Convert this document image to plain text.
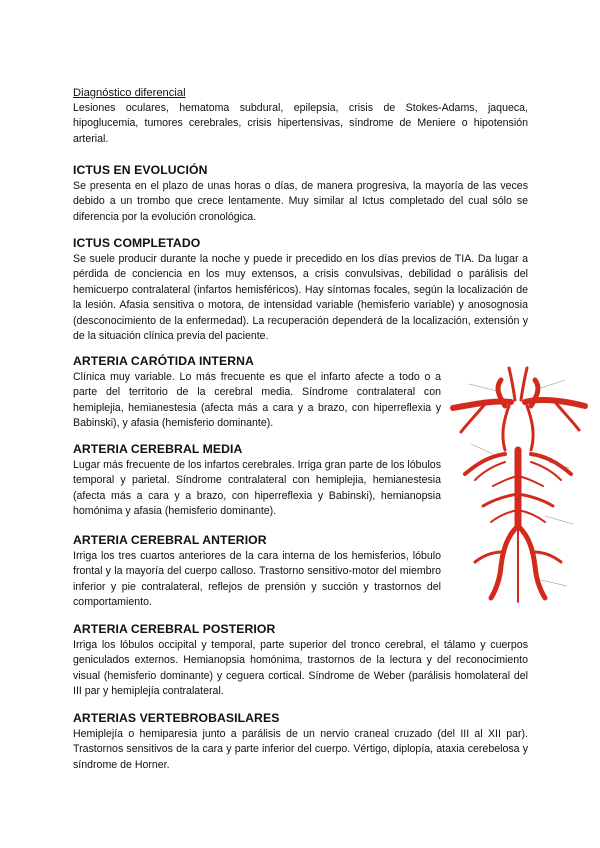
Diagnóstico diferencial

Lesiones oculares, hematoma subdural, epilepsia, crisis de Stokes-Adams, jaqueca, hipoglucemia, tumores cerebrales, crisis hipertensivas, síndrome de Meniere o hipotensión arterial.

ICTUS EN EVOLUCIÓN

Se presenta en el plazo de unas horas o días, de manera progresiva, la mayoría de las veces debido a un trombo que crece lentamente. Muy similar al Ictus completado del cual sólo se diferencia por la evolución cronológica.

ICTUS COMPLETADO

Se suele producir durante la noche y puede ir precedido en los días previos de TIA. Da lugar a pérdida de conciencia en los muy extensos, a crisis convulsivas, debilidad o parálisis del hemicuerpo contralateral (infartos hemisféricos). Hay síntomas focales, según la localización de la lesión. Afasia sensitiva o motora, de intensidad variable (hemisferio variable) y anosognosia (desconocimiento de la enfermedad). La recuperación dependerá de la localización, extensión y de la situación clínica previa del paciente.

ARTERIA CARÓTIDA INTERNA

Clínica muy variable. Lo más frecuente es que el infarto afecte a todo o a parte del territorio de la cerebral media. Síndrome contralateral con hemiplejia, hemianestesia (afecta más a cara y a brazo, con hiperreflexia y Babinski), y afasia (hemisferio dominante).

ARTERIA CEREBRAL MEDIA

Lugar más frecuente de los infartos cerebrales. Irriga gran parte de los lóbulos temporal y parietal. Síndrome contralateral con hemiplejia, hemianestesia (afecta más a cara y a brazo, con hiperreflexia y Babinski), hemianopsia homónima y afasia (hemisferio dominante).

ARTERIA CEREBRAL ANTERIOR

Irriga los tres cuartos anteriores de la cara interna de los hemisferios, lóbulo frontal y la mayoría del cuerpo calloso. Trastorno sensitivo-motor del miembro inferior y pie contralateral, reflejos de prensión y succión y trastornos del comportamiento.

ARTERIA CEREBRAL POSTERIOR

Irriga los lóbulos occipital y temporal, parte superior del tronco cerebral, el tálamo y cuerpos geniculados externos. Hemianopsia homónima, trastornos de la lectura y del reconocimiento visual (hemisferio dominante) y ceguera cortical. Síndrome de Weber (parálisis homolateral del III par y hemiplejía contralateral.

ARTERIAS VERTEBROBASILARES

Hemiplejía o hemiparesia junto a parálisis de un nervio craneal cruzado (del III al XII par). Trastornos sensitivos de la cara y parte inferior del cuerpo. Vértigo, diplopía, ataxia cerebelosa y síndrome de Horner.
